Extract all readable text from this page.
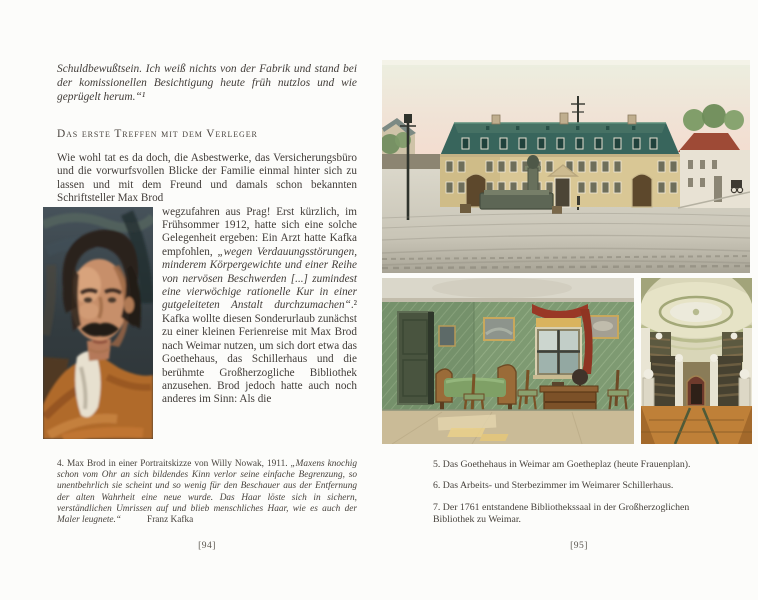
Schuldbewußtsein. Ich weiß nichts von der Fabrik und stand bei der komissionellen Besichtigung heute früh nutzlos und wie geprügelt herum.“¹
Das erste Treffen mit dem Verleger

Wie wohl tat es da doch, die Asbestwerke, das Versicherungsbüro und die vorwurfsvollen Blicke der Familie einmal hinter sich zu lassen und mit dem Freund und damals schon bekannten Schriftsteller Max Brod

wegzufahren aus Prag! Erst kürzlich, im Frühsommer 1912, hatte sich eine solche Gelegenheit ergeben: Ein Arzt hatte Kafka empfohlen, „wegen Verdauungsstörungen, minderem Körpergewichte und einer Reihe von nervösen Beschwerden [...] zumindest eine vierwöchige rationelle Kur in einer gutgeleiteten Anstalt durchzumachen“.² Kafka wollte diesen Sonderurlaub zunächst zu einer kleinen Ferienreise mit Max Brod nach Weimar nutzen, um sich dort etwa das Goethehaus, das Schillerhaus und die berühmte Großherzogliche Bibliothek anzusehen. Brod jedoch hatte auch noch anderes im Sinn: Als die

4. Max Brod in einer Portraitskizze von Willy Nowak, 1911. „Maxens knochig schon vom Ohr an sich bildendes Kinn verlor seine einfache Begrenzung, so unentbehrlich sie scheint und so wenig für den Beschauer aus der Entfernung der alten Wahrheit eine neue wurde. Das Haar löste sich in sichern, verständlichen Umrissen auf und blieb menschliches Haar, wie es auch der Maler leugnete.“	Franz Kafka
[94]

5. Das Goethehaus in Weimar am Goetheplaz (heute Frauenplan).

6. Das Arbeits- und Sterbezimmer im Weimarer Schillerhaus.

7. Der 1761 entstandene Bibliothekssaal in der Großherzoglichen Bibliothek zu Weimar.

[95]
